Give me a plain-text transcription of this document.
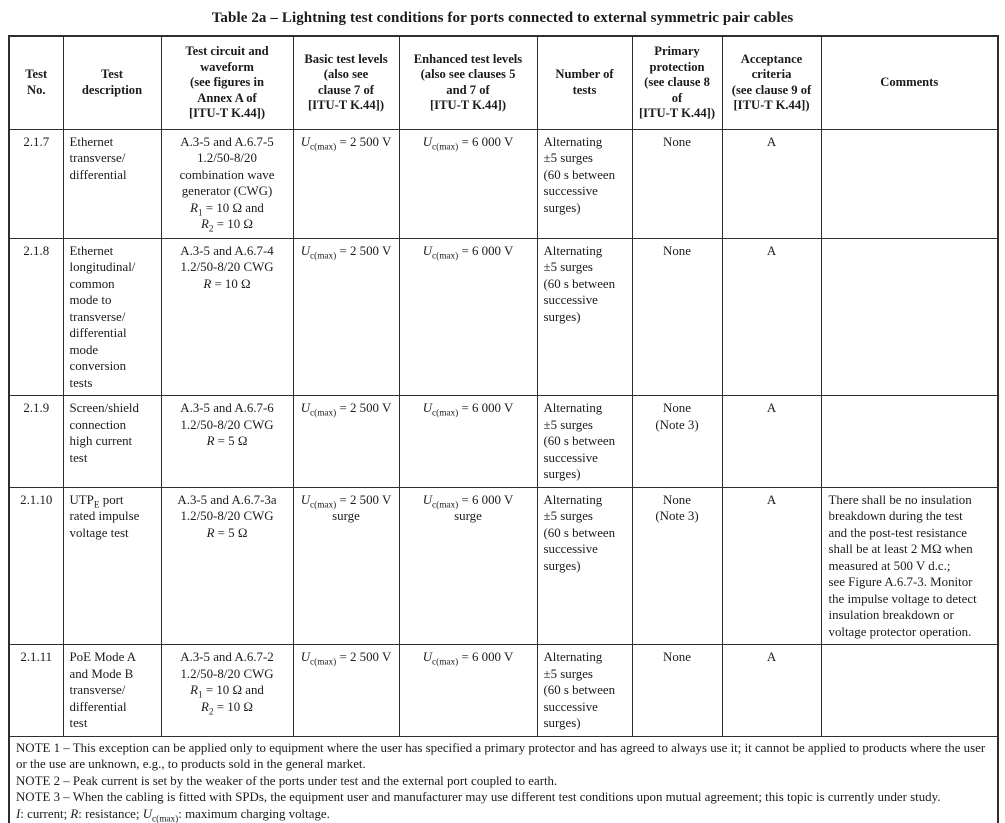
Table 2a – Lightning test conditions for ports connected to external symmetric pair cables
Test
No.	Test
description	Test circuit and
waveform
(see figures in
Annex A of
[ITU-T K.44])	Basic test levels
(also see
clause 7 of
[ITU-T K.44])	Enhanced test levels
(also see clauses 5
and 7 of
[ITU-T K.44])	Number of
tests	Primary
protection
(see clause 8
of
[ITU-T K.44])	Acceptance
criteria
(see clause 9 of
[ITU-T K.44])	Comments
2.1.7	Ethernet
transverse/
differential	A.3-5 and A.6.7-5
1.2/50-8/20
combination wave
generator (CWG)
$R_1 = 10$ Ω and
$R_2 = 10$ Ω	$U_{c(max)} = 2$ 500 V	$U_{c(max)} = 6$ 000 V	Alternating
±5 surges
(60 s between
successive
surges)	None	A	
2.1.8	Ethernet
longitudinal/
common
mode to
transverse/
differential
mode
conversion
tests	A.3-5 and A.6.7-4
1.2/50-8/20 CWG
R = 10 Ω	$U_{c(max)} = 2$ 500 V	$U_{c(max)} = 6$ 000 V	Alternating
±5 surges
(60 s between
successive
surges)	None	A	
2.1.9	Screen/shield
connection
high current
test	A.3-5 and A.6.7-6
1.2/50-8/20 CWG
R = 5 Ω	$U_{c(max)} = 2$ 500 V	$U_{c(max)} = 6$ 000 V	Alternating
±5 surges
(60 s between
successive
surges)	None
(Note 3)	A	
2.1.10	$UTP_E$ port
rated impulse
voltage test	A.3-5 and A.6.7-3a
1.2/50-8/20 CWG
R = 5 Ω	$U_{c(max)} = 2$ 500 V
surge	$U_{c(max)} = 6$ 000 V
surge	Alternating
±5 surges
(60 s between
successive
surges)	None
(Note 3)	A	There shall be no insulation
breakdown during the test
and the post-test resistance
shall be at least 2 MΩ when
measured at 500 V d.c.;
see Figure A.6.7-3. Monitor
the impulse voltage to detect
insulation breakdown or
voltage protector operation.
2.1.11	PoE Mode A
and Mode B
transverse/
differential
test	A.3-5 and A.6.7-2
1.2/50-8/20 CWG
$R_1 = 10$ Ω and
$R_2 = 10$ Ω	$U_{c(max)} = 2$ 500 V	$U_{c(max)} = 6$ 000 V	Alternating
±5 surges
(60 s between
successive
surges)	None	A	

NOTE 1 – This exception can be applied only to equipment where the user has specified a primary protector and has agreed to always use it; it cannot be applied to products where the user or the use are unknown, e.g., to products sold in the general market.

NOTE 2 – Peak current is set by the weaker of the ports under test and the external port coupled to earth.

NOTE 3 – When the cabling is fitted with SPDs, the equipment user and manufacturer may use different test conditions upon mutual agreement; this topic is currently under study.

I: current; R: resistance; $U_{c(max)}$: maximum charging voltage.								
